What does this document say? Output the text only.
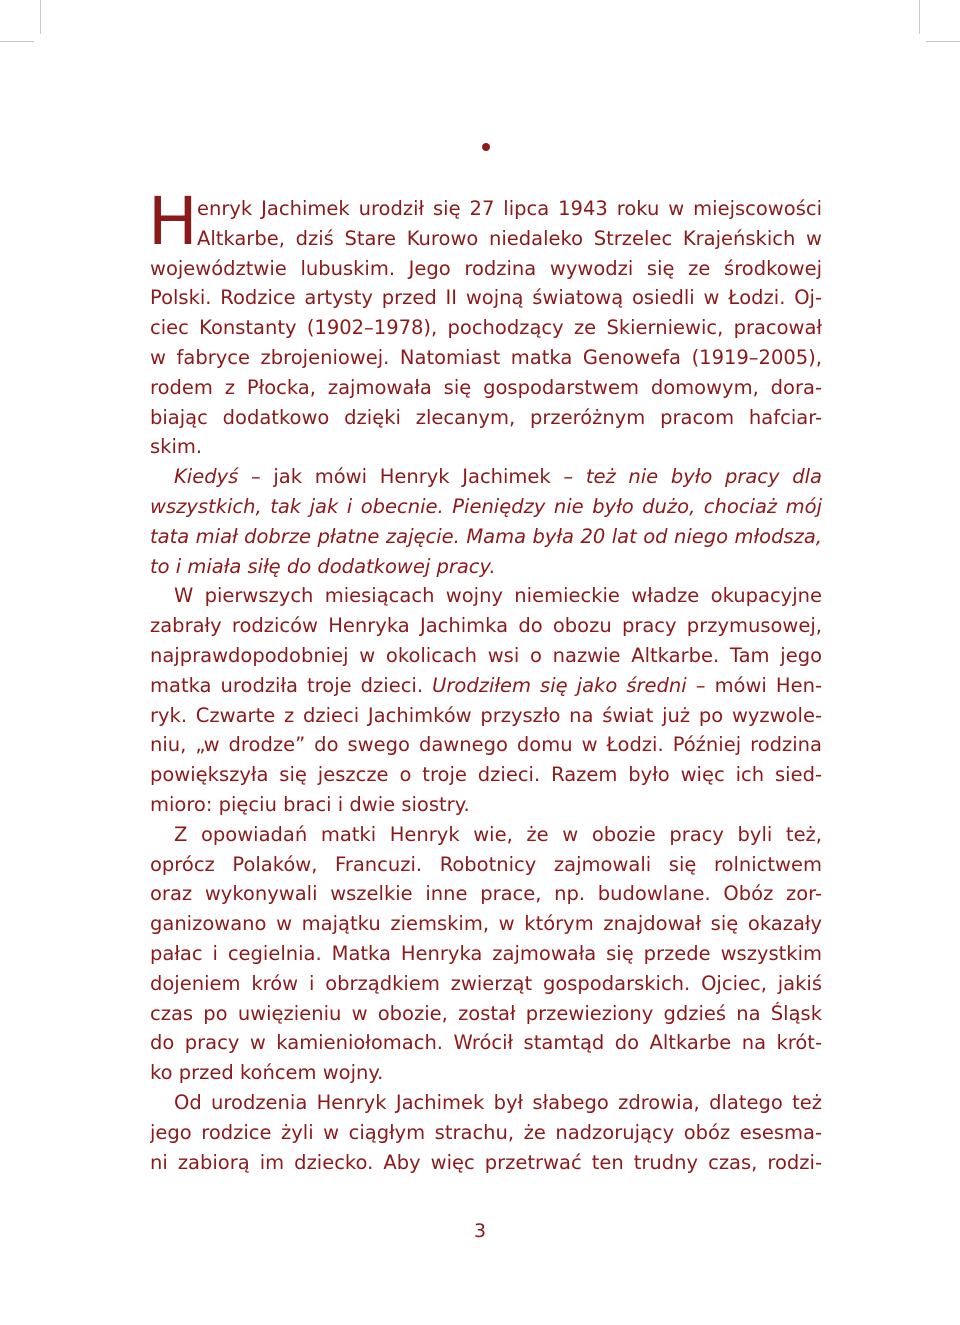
H enryk Jachimek urodził się 27 lipca 1943 roku w miejscowości
Altkarbe, dziś Stare Kurowo niedaleko Strzelec Krajeńskich w
województwie lubuskim. Jego rodzina wywodzi się ze środkowej
Polski. Rodzice artysty przed II wojną światową osiedli w Łodzi. Oj-
ciec Konstanty (1902–1978), pochodzący ze Skierniewic, pracował
w fabryce zbrojeniowej. Natomiast matka Genowefa (1919–2005),
rodem z Płocka, zajmowała się gospodarstwem domowym, dora-
biając dodatkowo dzięki zlecanym, przeróżnym pracom hafciar-
skim.
Kiedyś – jak mówi Henryk Jachimek – też nie było pracy dla
wszystkich, tak jak i obecnie. Pieniędzy nie było dużo, chociaż mój
tata miał dobrze płatne zajęcie. Mama była 20 lat od niego młodsza,
to i miała siłę do dodatkowej pracy.
W pierwszych miesiącach wojny niemieckie władze okupacyjne
zabrały rodziców Henryka Jachimka do obozu pracy przymusowej,
najprawdopodobniej w okolicach wsi o nazwie Altkarbe. Tam jego
matka urodziła troje dzieci. Urodziłem się jako średni – mówi Hen-
ryk. Czwarte z dzieci Jachimków przyszło na świat już po wyzwole-
niu, „w drodze” do swego dawnego domu w Łodzi. Później rodzina
powiększyła się jeszcze o troje dzieci. Razem było więc ich sied-
mioro: pięciu braci i dwie siostry.
Z opowiadań matki Henryk wie, że w obozie pracy byli też,
oprócz Polaków, Francuzi. Robotnicy zajmowali się rolnictwem
oraz wykonywali wszelkie inne prace, np. budowlane. Obóz zor-
ganizowano w majątku ziemskim, w którym znajdował się okazały
pałac i cegielnia. Matka Henryka zajmowała się przede wszystkim
dojeniem krów i obrządkiem zwierząt gospodarskich. Ojciec, jakiś
czas po uwięzieniu w obozie, został przewieziony gdzieś na Śląsk
do pracy w kamieniołomach. Wrócił stamtąd do Altkarbe na krót-
ko przed końcem wojny.
Od urodzenia Henryk Jachimek był słabego zdrowia, dlatego też
jego rodzice żyli w ciągłym strachu, że nadzorujący obóz esesma-
ni zabiorą im dziecko. Aby więc przetrwać ten trudny czas, rodzi-
3
